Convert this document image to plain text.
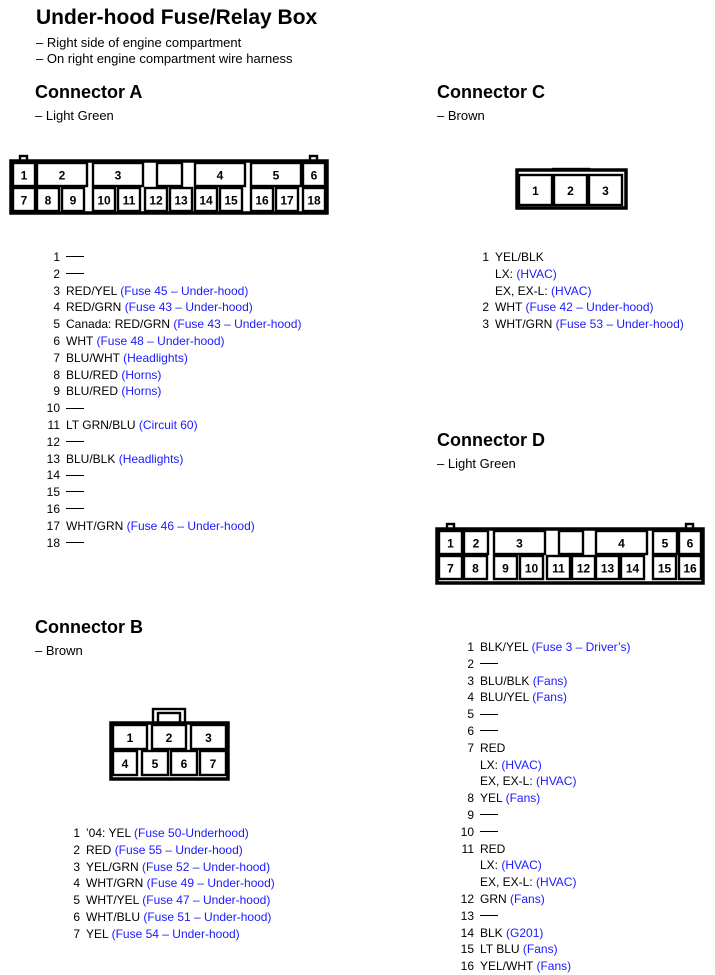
Under-hood Fuse/Relay Box
– Right side of engine compartment
– On right engine compartment wire harness
Connector A
– Light Green
1	2	3	4	5	6
7 8 9 10 11 12 13 14 15 16 17 18
1
2
3 RED/YEL (Fuse 45 – Under-hood)
4 RED/GRN (Fuse 43 – Under-hood)
5 Canada: RED/GRN (Fuse 43 – Under-hood)
6 WHT (Fuse 48 – Under-hood)
7 BLU/WHT (Headlights)
8 BLU/RED (Horns)
9 BLU/RED (Horns)
10
11 LT GRN/BLU (Circuit 60)
12
13 BLU/BLK (Headlights)
14
15
16
17 WHT/GRN (Fuse 46 – Under-hood)
18
Connector B
– Brown
1	2	3
4 5 6 7
1 ’04: YEL (Fuse 50-Underhood)
2 RED (Fuse 55 – Under-hood)
3 YEL/GRN (Fuse 52 – Under-hood)
4 WHT/GRN (Fuse 49 – Under-hood)
5 WHT/YEL (Fuse 47 – Under-hood)
6 WHT/BLU (Fuse 51 – Under-hood)
7 YEL (Fuse 54 – Under-hood)
Connector C
– Brown
1 2 3
1 YEL/BLK
LX: (HVAC)
EX, EX-L: (HVAC)
2 WHT (Fuse 42 – Under-hood)
3 WHT/GRN (Fuse 53 – Under-hood)
Connector D
– Light Green
1 2	3	4	5 6
7 8 9 10 11 12 13 14 15 16
1 BLK/YEL (Fuse 3 – Driver’s)
2
3 BLU/BLK (Fans)
4 BLU/YEL (Fans)
5
6
7 RED
LX: (HVAC)
EX, EX-L: (HVAC)
8 YEL (Fans)
9
10
11 RED
LX: (HVAC)
EX, EX-L: (HVAC)
12 GRN (Fans)
13
14 BLK (G201)
15 LT BLU (Fans)
16 YEL/WHT (Fans)
